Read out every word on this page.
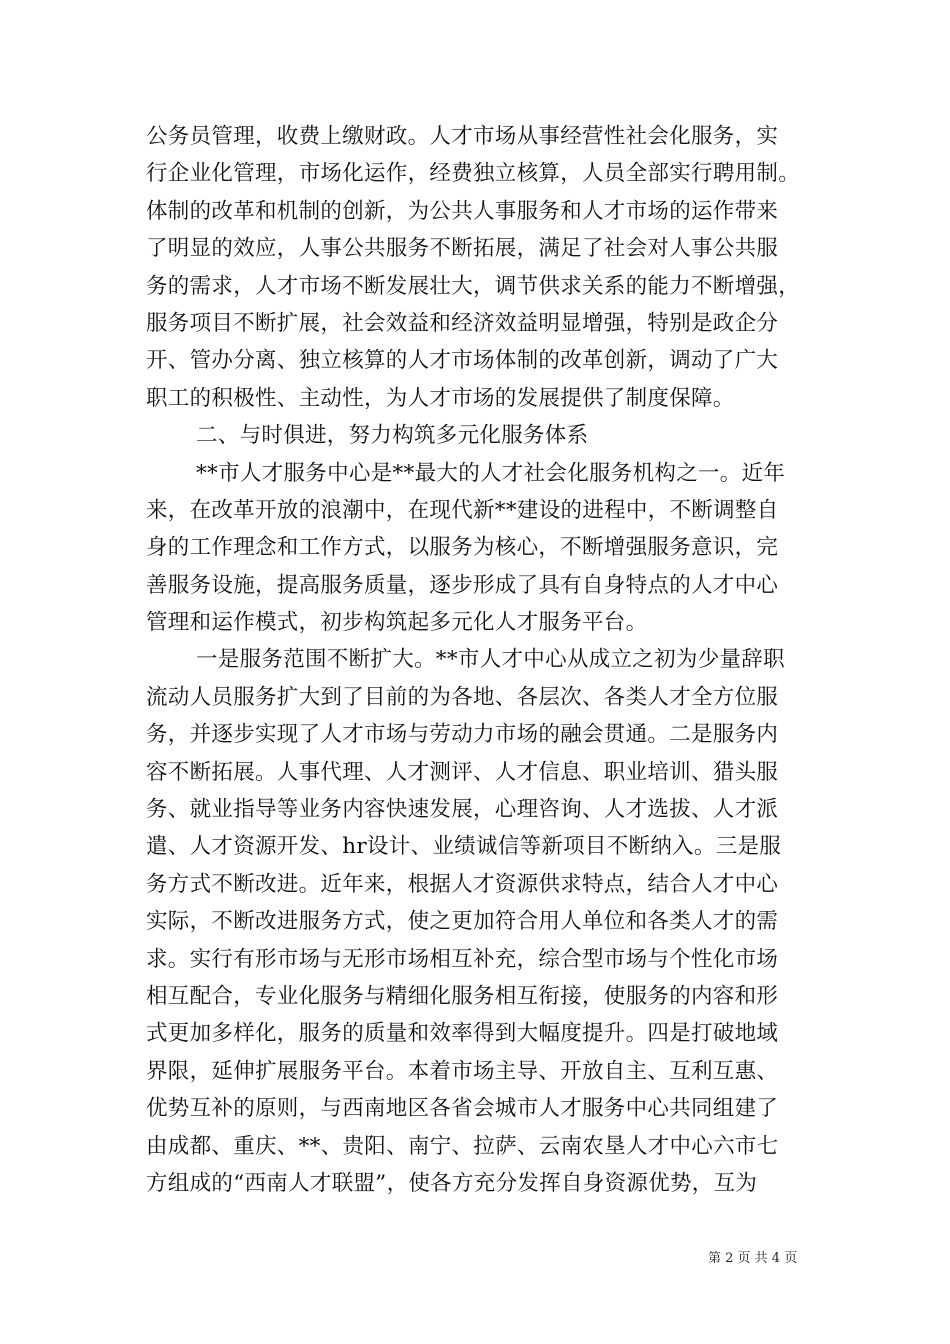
公务员管理，收费上缴财政。人才市场从事经营性社会化服务，实
行企业化管理，市场化运作，经费独立核算，人员全部实行聘用制。
体制的改革和机制的创新，为公共人事服务和人才市场的运作带来
了明显的效应，人事公共服务不断拓展，满足了社会对人事公共服
务的需求，人才市场不断发展壮大，调节供求关系的能力不断增强，
服务项目不断扩展，社会效益和经济效益明显增强，特别是政企分
开、管办分离、独立核算的人才市场体制的改革创新，调动了广大
职工的积极性、主动性，为人才市场的发展提供了制度保障。
二、与时俱进，努力构筑多元化服务体系
**市人才服务中心是**最大的人才社会化服务机构之一。近年
来，在改革开放的浪潮中，在现代新**建设的进程中，不断调整自
身的工作理念和工作方式，以服务为核心，不断增强服务意识，完
善服务设施，提高服务质量，逐步形成了具有自身特点的人才中心
管理和运作模式，初步构筑起多元化人才服务平台。
一是服务范围不断扩大。**市人才中心从成立之初为少量辞职
流动人员服务扩大到了目前的为各地、各层次、各类人才全方位服
务，并逐步实现了人才市场与劳动力市场的融会贯通。二是服务内
容不断拓展。人事代理、人才测评、人才信息、职业培训、猎头服
务、就业指导等业务内容快速发展，心理咨询、人才选拔、人才派
遣、人才资源开发、hr设计、业绩诚信等新项目不断纳入。三是服
务方式不断改进。近年来，根据人才资源供求特点，结合人才中心
实际，不断改进服务方式，使之更加符合用人单位和各类人才的需
求。实行有形市场与无形市场相互补充，综合型市场与个性化市场
相互配合，专业化服务与精细化服务相互衔接，使服务的内容和形
式更加多样化，服务的质量和效率得到大幅度提升。四是打破地域
界限，延伸扩展服务平台。本着市场主导、开放自主、互利互惠、
优势互补的原则，与西南地区各省会城市人才服务中心共同组建了
由成都、重庆、**、贵阳、南宁、拉萨、云南农垦人才中心六市七
方组成的“西南人才联盟”，使各方充分发挥自身资源优势，互为
第 2 页 共 4 页
